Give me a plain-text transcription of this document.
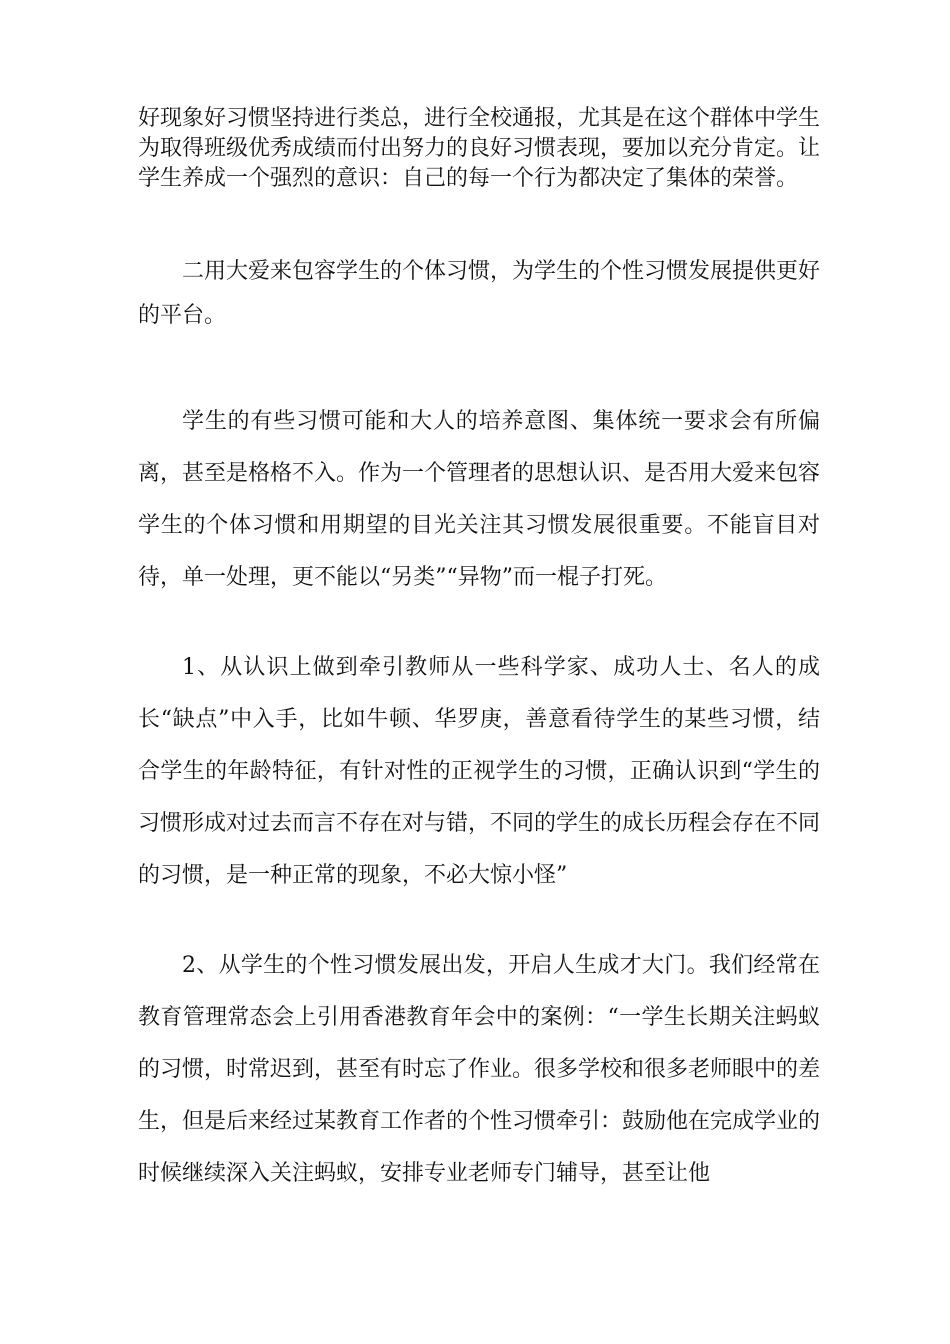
好现象好习惯坚持进行类总，进行全校通报，尤其是在这个群体中学生为取得班级优秀成绩而付出努力的良好习惯表现，要加以充分肯定。让学生养成一个强烈的意识：自己的每一个行为都决定了集体的荣誉。

二用大爱来包容学生的个体习惯，为学生的个性习惯发展提供更好的平台。

学生的有些习惯可能和大人的培养意图、集体统一要求会有所偏离，甚至是格格不入。作为一个管理者的思想认识、是否用大爱来包容学生的个体习惯和用期望的目光关注其习惯发展很重要。不能盲目对待，单一处理，更不能以“另类”“异物”而一棍子打死。

1、从认识上做到牵引教师从一些科学家、成功人士、名人的成长“缺点”中入手，比如牛顿、华罗庚，善意看待学生的某些习惯，结合学生的年龄特征，有针对性的正视学生的习惯，正确认识到“学生的习惯形成对过去而言不存在对与错，不同的学生的成长历程会存在不同的习惯，是一种正常的现象，不必大惊小怪”

2、从学生的个性习惯发展出发，开启人生成才大门。我们经常在教育管理常态会上引用香港教育年会中的案例：“一学生长期关注蚂蚁的习惯，时常迟到，甚至有时忘了作业。很多学校和很多老师眼中的差生，但是后来经过某教育工作者的个性习惯牵引：鼓励他在完成学业的时候继续深入关注蚂蚁，安排专业老师专门辅导，甚至让他
